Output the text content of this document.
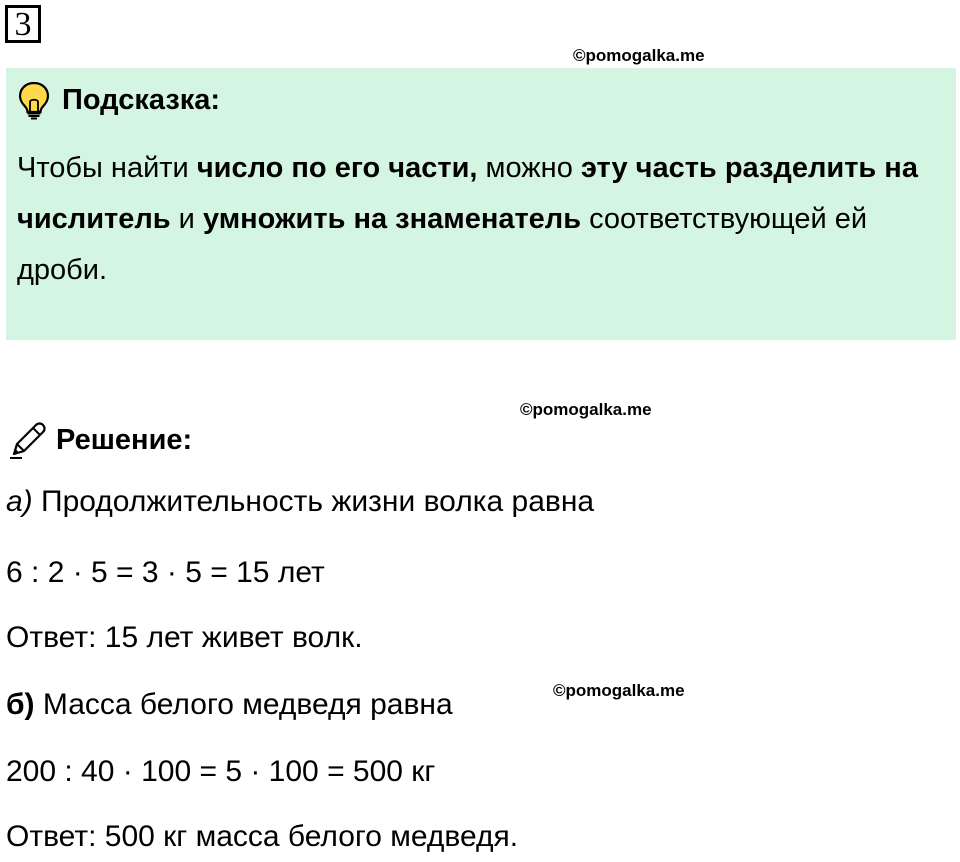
3
©pomogalka.me
Подсказка:
Чтобы найти число по его части, можно эту часть разделить на числитель и умножить на знаменатель соответствующей ей дроби.
©pomogalka.me
Решение:
а) Продолжительность жизни волка равна
6 : 2 · 5 = 3 · 5 = 15 лет
Ответ: 15 лет живет волк.
©pomogalka.me
б) Масса белого медведя равна
200 : 40 · 100 = 5 · 100 = 500 кг
Ответ: 500 кг масса белого медведя.
